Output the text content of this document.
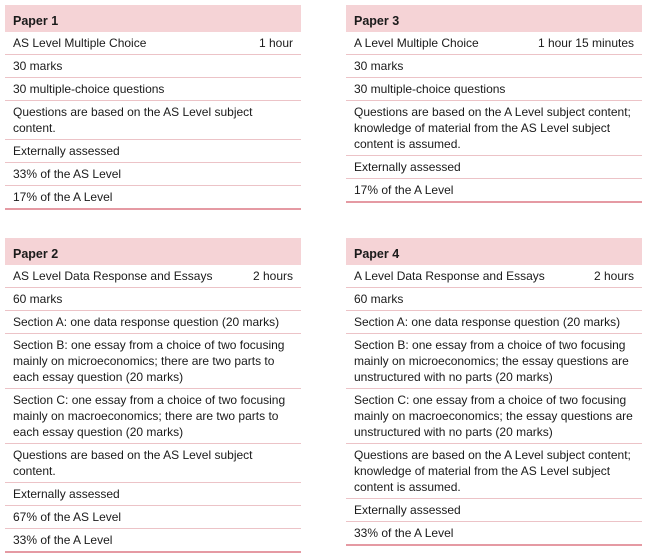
Paper 1
AS Level Multiple Choice	1 hour
30 marks
30 multiple-choice questions
Questions are based on the AS Level subject content.
Externally assessed
33% of the AS Level
17% of the A Level
Paper 3
A Level Multiple Choice	1 hour 15 minutes
30 marks
30 multiple-choice questions
Questions are based on the A Level subject content; knowledge of material from the AS Level subject content is assumed.
Externally assessed
17% of the A Level
Paper 2
AS Level Data Response and Essays	2 hours
60 marks
Section A: one data response question (20 marks)
Section B: one essay from a choice of two focusing mainly on microeconomics; there are two parts to each essay question (20 marks)
Section C: one essay from a choice of two focusing mainly on macroeconomics; there are two parts to each essay question (20 marks)
Questions are based on the AS Level subject content.
Externally assessed
67% of the AS Level
33% of the A Level
Paper 4
A Level Data Response and Essays	2 hours
60 marks
Section A: one data response question (20 marks)
Section B: one essay from a choice of two focusing mainly on microeconomics; the essay questions are unstructured with no parts (20 marks)
Section C: one essay from a choice of two focusing mainly on macroeconomics; the essay questions are unstructured with no parts (20 marks)
Questions are based on the A Level subject content; knowledge of material from the AS Level subject content is assumed.
Externally assessed
33% of the A Level
